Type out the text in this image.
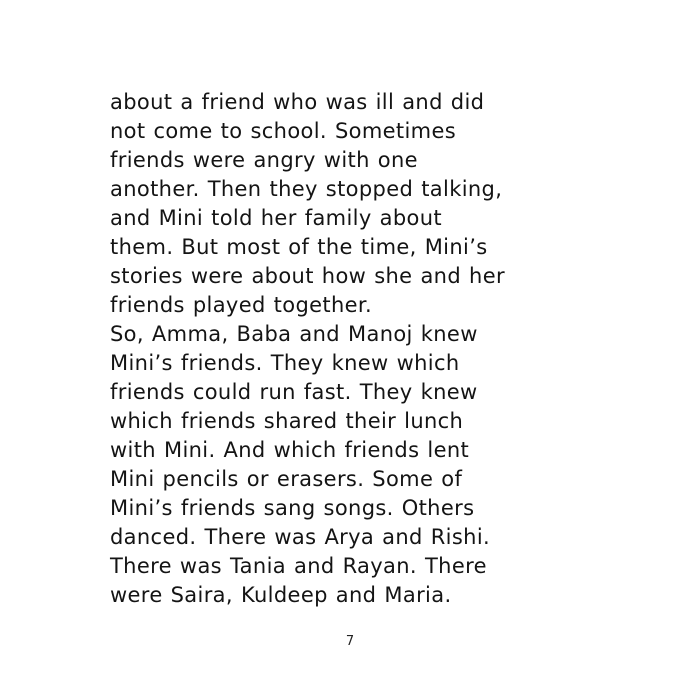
about a friend who was ill and did
not come to school. Sometimes
friends were angry with one
another. Then they stopped talking,
and Mini told her family about
them. But most of the time, Mini’s
stories were about how she and her
friends played together.
So, Amma, Baba and Manoj knew
Mini’s friends. They knew which
friends could run fast. They knew
which friends shared their lunch
with Mini. And which friends lent
Mini pencils or erasers. Some of
Mini’s friends sang songs. Others
danced. There was Arya and Rishi.
There was Tania and Rayan. There
were Saira, Kuldeep and Maria.
7
